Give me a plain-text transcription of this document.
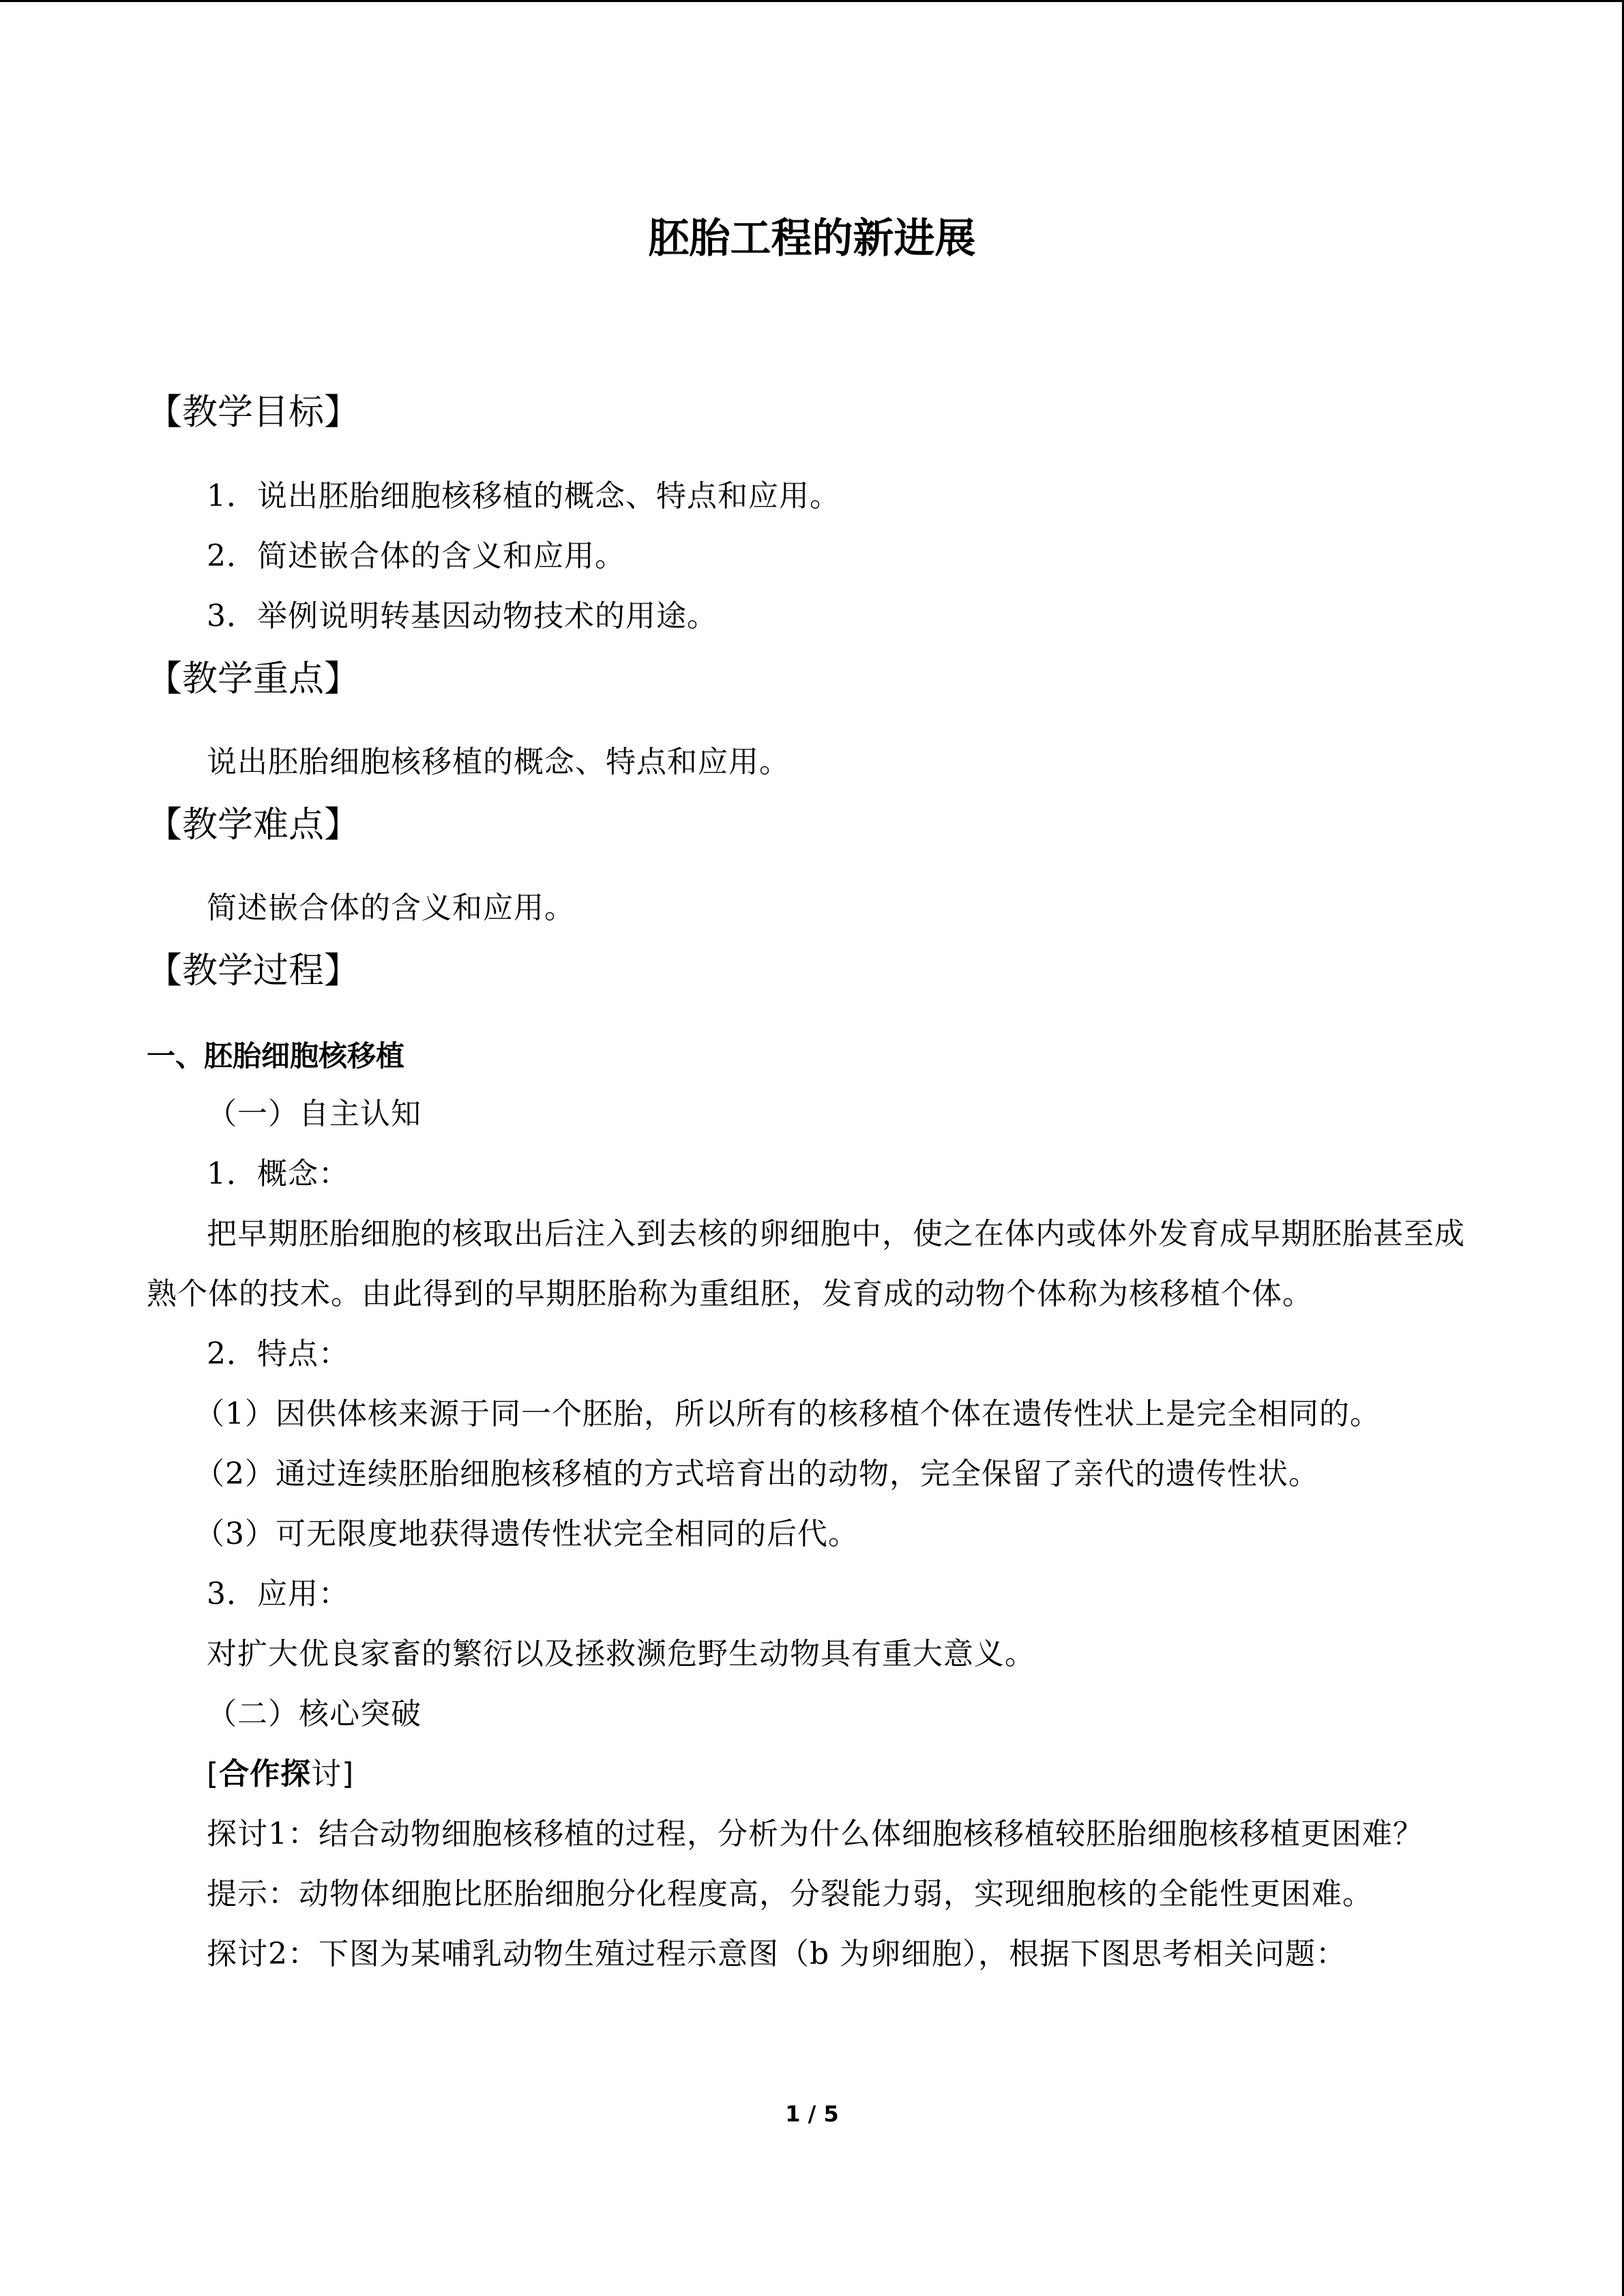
胚胎工程的新进展

【教学目标】

1．说出胚胎细胞核移植的概念、特点和应用。

2．简述嵌合体的含义和应用。

3．举例说明转基因动物技术的用途。

【教学重点】

说出胚胎细胞核移植的概念、特点和应用。

【教学难点】

简述嵌合体的含义和应用。

【教学过程】

一、胚胎细胞核移植

（一）自主认知

1．概念：

把早期胚胎细胞的核取出后注入到去核的卵细胞中，使之在体内或体外发育成早期胚胎甚至成熟个体的技术。由此得到的早期胚胎称为重组胚，发育成的动物个体称为核移植个体。

2．特点：

（1）因供体核来源于同一个胚胎，所以所有的核移植个体在遗传性状上是完全相同的。

（2）通过连续胚胎细胞核移植的方式培育出的动物，完全保留了亲代的遗传性状。

（3）可无限度地获得遗传性状完全相同的后代。

3．应用：

对扩大优良家畜的繁衍以及拯救濒危野生动物具有重大意义。

（二）核心突破

[合作探讨]

探讨1：结合动物细胞核移植的过程，分析为什么体细胞核移植较胚胎细胞核移植更困难？

提示：动物体细胞比胚胎细胞分化程度高，分裂能力弱，实现细胞核的全能性更困难。

探讨2：下图为某哺乳动物生殖过程示意图（b 为卵细胞），根据下图思考相关问题：

1 / 5
